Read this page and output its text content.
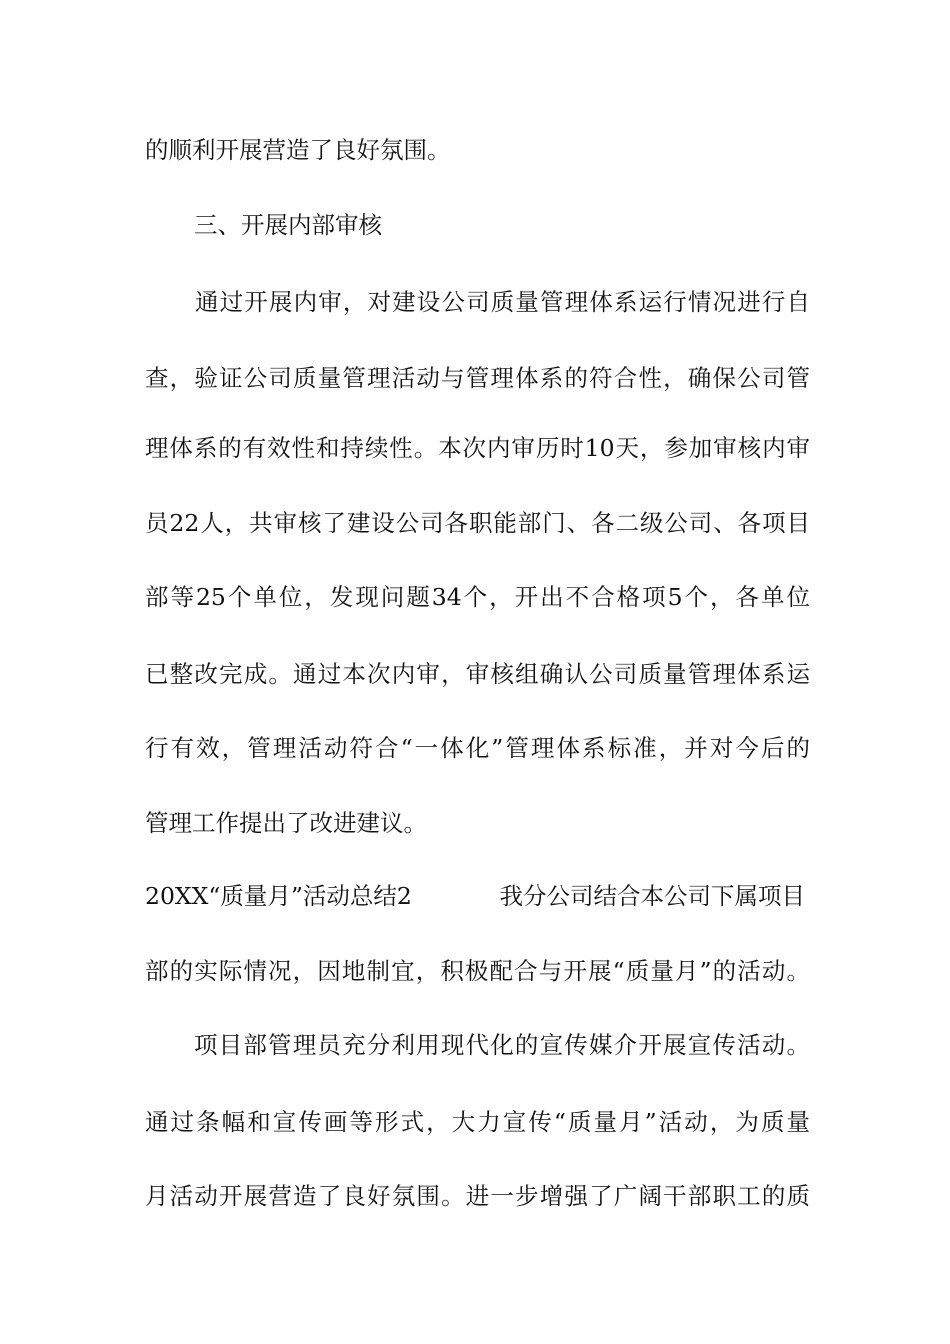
的顺利开展营造了良好氛围。
三、开展内部审核
通过开展内审，对建设公司质量管理体系运行情况进行自
查，验证公司质量管理活动与管理体系的符合性，确保公司管
理体系的有效性和持续性。本次内审历时10天，参加审核内审
员22人，共审核了建设公司各职能部门、各二级公司、各项目
部等25个单位，发现问题34个，开出不合格项5个，各单位
已整改完成。通过本次内审，审核组确认公司质量管理体系运
行有效，管理活动符合“一体化”管理体系标准，并对今后的
管理工作提出了改进建议。
20XX“质量月”活动总结2	我分公司结合本公司下属项目
部的实际情况，因地制宜，积极配合与开展“质量月”的活动。
项目部管理员充分利用现代化的宣传媒介开展宣传活动。
通过条幅和宣传画等形式，大力宣传“质量月”活动，为质量
月活动开展营造了良好氛围。进一步增强了广阔干部职工的质
